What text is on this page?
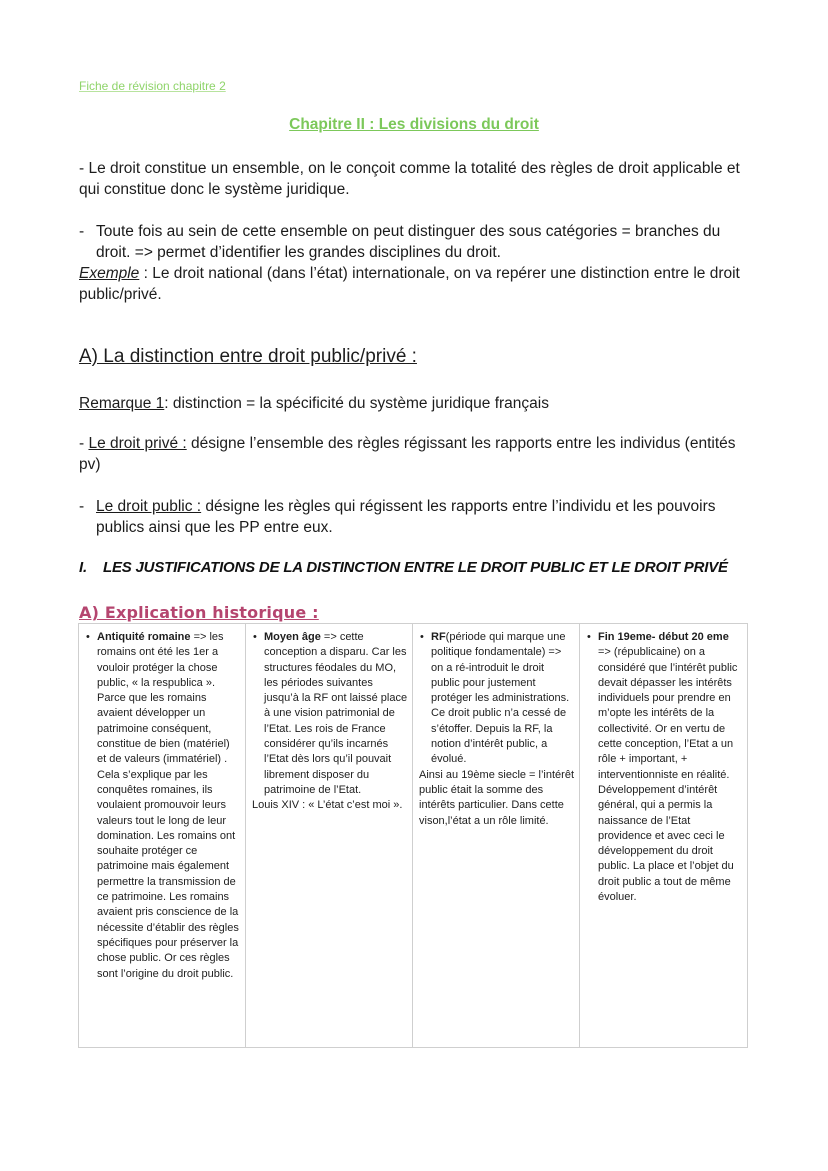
Fiche de révision chapitre 2
Chapitre II : Les divisions du droit
- Le droit constitue un ensemble, on le conçoit comme la totalité des règles de droit applicable et qui constitue donc le système juridique.
- Toute fois au sein de cette ensemble on peut distinguer des sous catégories = branches du droit. => permet d’identifier les grandes disciplines du droit.
Exemple : Le droit national (dans l’état) internationale, on va repérer une distinction entre le droit public/privé.
A) La distinction entre droit public/privé :
Remarque 1: distinction = la spécificité du système juridique français
- Le droit privé : désigne l’ensemble des règles régissant les rapports entre les individus (entités pv)
- Le droit public : désigne les règles qui régissent les rapports entre l’individu et les pouvoirs publics ainsi que les PP entre eux.
I. LES JUSTIFICATIONS DE LA DISTINCTION ENTRE LE DROIT PUBLIC ET LE DROIT PRIVÉ
A) Explication historique :
• Antiquité romaine => les romains ont été les 1er a vouloir protéger la chose public, « la respublica ». Parce que les romains avaient développer un patrimoine conséquent, constitue de bien (matériel) et de valeurs (immatériel) . Cela s’explique par les conquêtes romaines, ils voulaient promouvoir leurs valeurs tout le long de leur domination. Les romains ont souhaite protéger ce patrimoine mais également permettre la transmission de ce patrimoine. Les romains avaient pris conscience de la nécessite d’établir des règles spécifiques pour préserver la chose public. Or ces règles sont l’origine du droit public.
• Moyen âge => cette conception a disparu. Car les structures féodales du MO, les périodes suivantes jusqu’à la RF ont laissé place à une vision patrimonial de l’Etat. Les rois de France considérer qu’ils incarnés l’Etat dès lors qu’il pouvait librement disposer du patrimoine de l’Etat.
Louis XIV : « L’état c’est moi ».
• RF(période qui marque une politique fondamentale) => on a ré-introduit le droit public pour justement protéger les administrations. Ce droit public n’a cessé de s’étoffer. Depuis la RF, la notion d’intérêt public, a évolué.
Ainsi au 19ème siecle = l’intérêt public était la somme des intérêts particulier. Dans cette vison,l’état a un rôle limité.
• Fin 19eme- début 20 eme => (républicaine) on a considéré que l’intérêt public devait dépasser les intérêts individuels pour prendre en m’opte les intérêts de la collectivité. Or en vertu de cette conception, l’Etat a un rôle + important, + interventionniste en réalité. Développement d’intérêt général, qui a permis la naissance de l’Etat providence et avec ceci le développement du droit public. La place et l’objet du droit public a tout de même évoluer.
